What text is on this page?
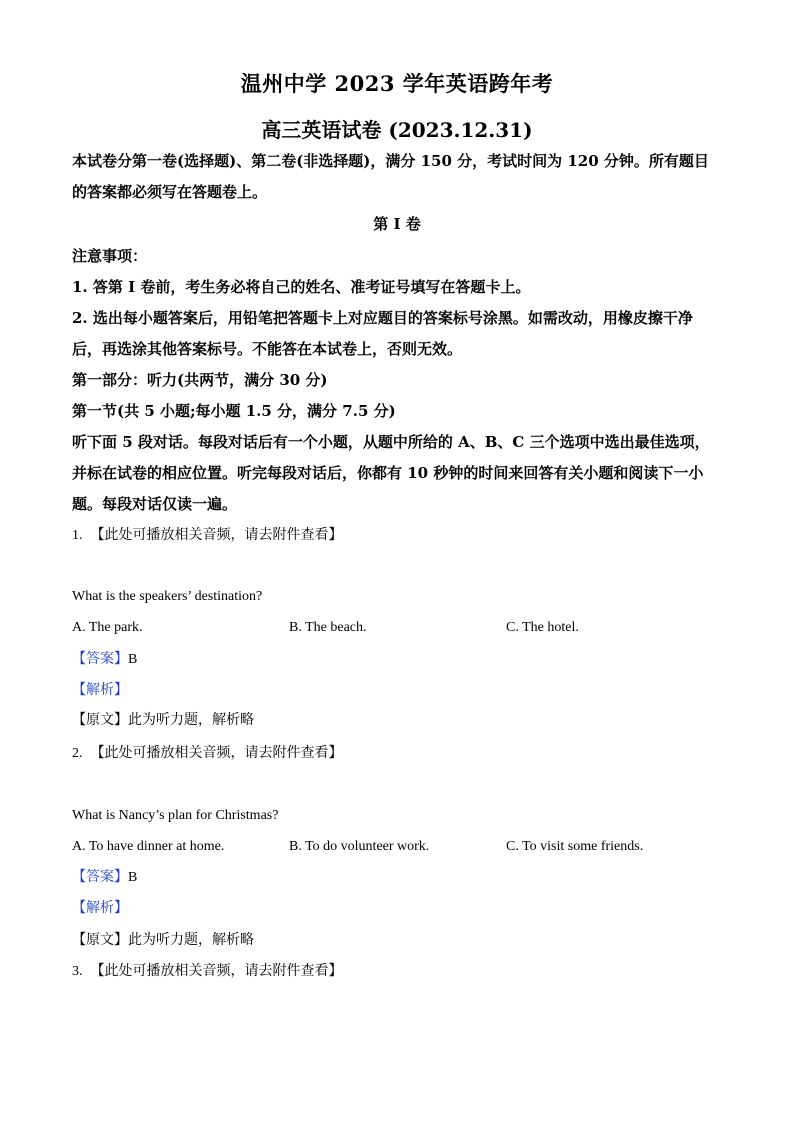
温州中学 2023 学年英语跨年考
高三英语试卷 (2023.12.31)

本试卷分第一卷(选择题)、第二卷(非选择题)，满分 150 分，考试时间为 120 分钟。所有题目的答案都必须写在答题卷上。

第 I 卷

注意事项：

1. 答第 I 卷前，考生务必将自己的姓名、准考证号填写在答题卡上。

2. 选出每小题答案后，用铅笔把答题卡上对应题目的答案标号涂黑。如需改动，用橡皮擦干净后，再选涂其他答案标号。不能答在本试卷上，否则无效。

第一部分：听力(共两节，满分 30 分)

第一节(共 5 小题;每小题 1.5 分，满分 7.5 分)

听下面 5 段对话。每段对话后有一个小题，从题中所给的 A、B、C 三个选项中选出最佳选项，并标在试卷的相应位置。听完每段对话后，你都有 10 秒钟的时间来回答有关小题和阅读下一小题。每段对话仅读一遍。

1. 【此处可播放相关音频，请去附件查看】

What is the speakers’ destination?

A. The park.	B. The beach.	C. The hotel.

【答案】B
【解析】
【原文】此为听力题，解析略
2. 【此处可播放相关音频，请去附件查看】

What is Nancy’s plan for Christmas?

A. To have dinner at home.	B. To do volunteer work.	C. To visit some friends.

【答案】B
【解析】
【原文】此为听力题，解析略
3. 【此处可播放相关音频，请去附件查看】
